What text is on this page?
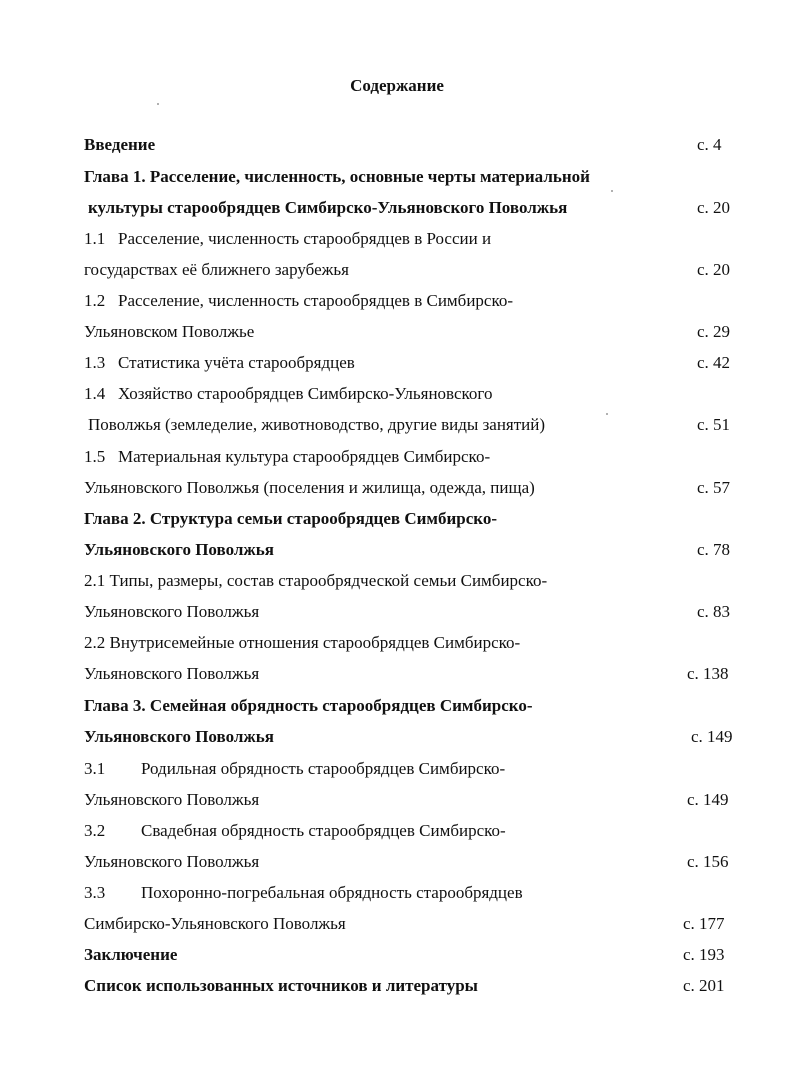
Содержание
Введение	с. 4
Глава 1. Расселение, численность, основные черты материальной
культуры старообрядцев Симбирско-Ульяновского Поволжья	с. 20
1.1 Расселение, численность старообрядцев в России и
государствах её ближнего зарубежья	с. 20
1.2 Расселение, численность старообрядцев в Симбирско-
Ульяновском Поволжье	с. 29
1.3 Статистика учёта старообрядцев	с. 42
1.4 Хозяйство старообрядцев Симбирско-Ульяновского
Поволжья (земледелие, животноводство, другие виды занятий)	с. 51
1.5 Материальная культура старообрядцев Симбирско-
Ульяновского Поволжья (поселения и жилища, одежда, пища)	с. 57
Глава 2. Структура семьи старообрядцев Симбирско-
Ульяновского Поволжья	с. 78
2.1 Типы, размеры, состав старообрядческой семьи Симбирско-
Ульяновского Поволжья	с. 83
2.2 Внутрисемейные отношения старообрядцев Симбирско-
Ульяновского Поволжья	с. 138
Глава 3. Семейная обрядность старообрядцев Симбирско-
Ульяновского Поволжья	с. 149
3.1 Родильная обрядность старообрядцев Симбирско-
Ульяновского Поволжья	с. 149
3.2 Свадебная обрядность старообрядцев Симбирско-
Ульяновского Поволжья	с. 156
3.3 Похоронно-погребальная обрядность старообрядцев
Симбирско-Ульяновского Поволжья	с. 177
Заключение	с. 193
Список использованных источников и литературы	с. 201
